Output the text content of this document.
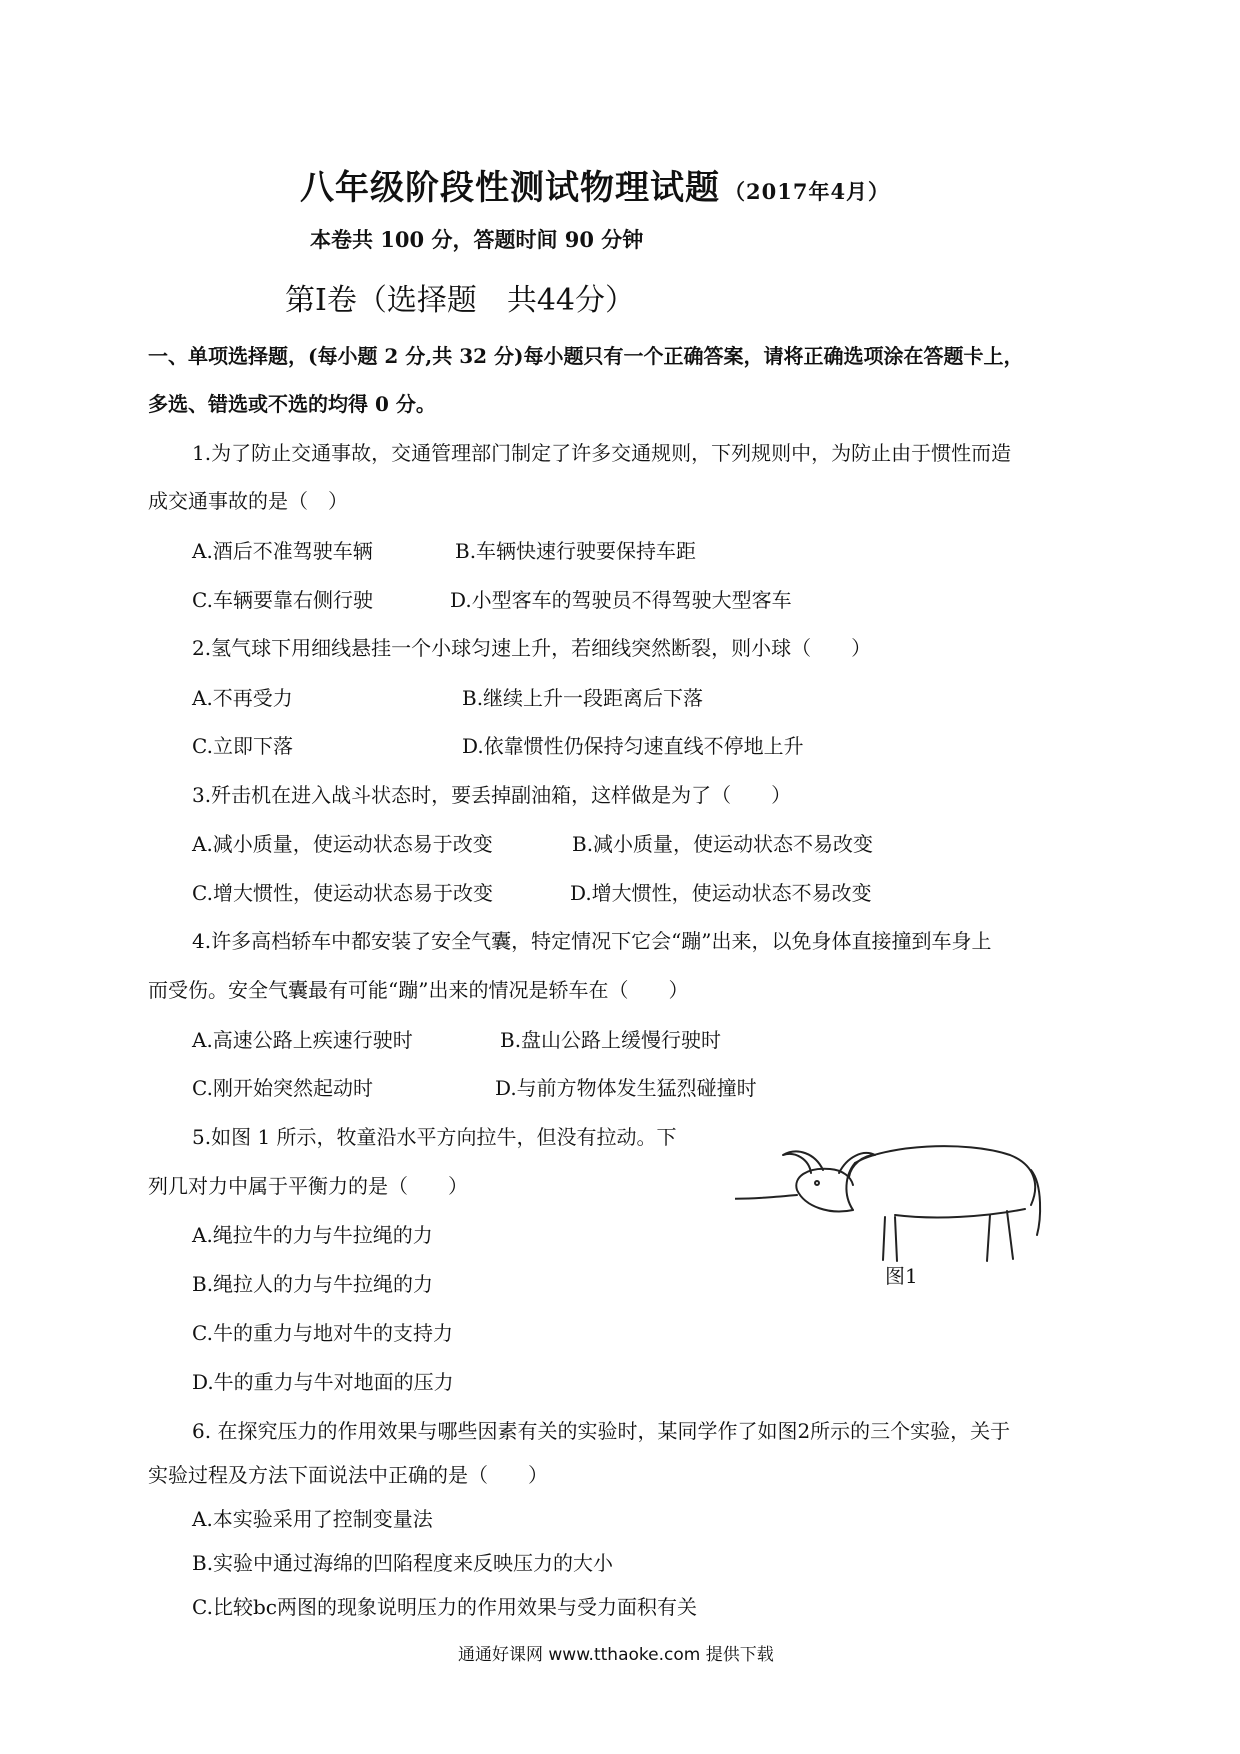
八年级阶段性测试物理试题 （2017年4月）
本卷共 100 分，答题时间 90 分钟
第Ⅰ卷（选择题　共44分）
一、单项选择题，(每小题 2 分,共 32 分)每小题只有一个正确答案，请将正确选项涂在答题卡上，
多选、错选或不选的均得 0 分。
1.为了防止交通事故，交通管理部门制定了许多交通规则，下列规则中，为防止由于惯性而造
成交通事故的是（　）
A.酒后不准驾驶车辆	B.车辆快速行驶要保持车距
C.车辆要靠右侧行驶	D.小型客车的驾驶员不得驾驶大型客车
2.氢气球下用细线悬挂一个小球匀速上升，若细线突然断裂，则小球（　　）
A.不再受力	B.继续上升一段距离后下落
C.立即下落	D.依靠惯性仍保持匀速直线不停地上升
3.歼击机在进入战斗状态时，要丢掉副油箱，这样做是为了（　　）
A.减小质量，使运动状态易于改变	B.减小质量，使运动状态不易改变
C.增大惯性，使运动状态易于改变	D.增大惯性，使运动状态不易改变
4.许多高档轿车中都安装了安全气囊，特定情况下它会“蹦”出来，以免身体直接撞到车身上
而受伤。安全气囊最有可能“蹦”出来的情况是轿车在（　　）
A.高速公路上疾速行驶时	B.盘山公路上缓慢行驶时
C.刚开始突然起动时	D.与前方物体发生猛烈碰撞时
5.如图 1 所示，牧童沿水平方向拉牛，但没有拉动。下
列几对力中属于平衡力的是（　　）
A.绳拉牛的力与牛拉绳的力
B.绳拉人的力与牛拉绳的力
C.牛的重力与地对牛的支持力
D.牛的重力与牛对地面的压力
图1
6. 在探究压力的作用效果与哪些因素有关的实验时，某同学作了如图2所示的三个实验，关于
实验过程及方法下面说法中正确的是（　　）
A.本实验采用了控制变量法
B.实验中通过海绵的凹陷程度来反映压力的大小
C.比较bc两图的现象说明压力的作用效果与受力面积有关
通通好课网 www.tthaoke.com 提供下载
